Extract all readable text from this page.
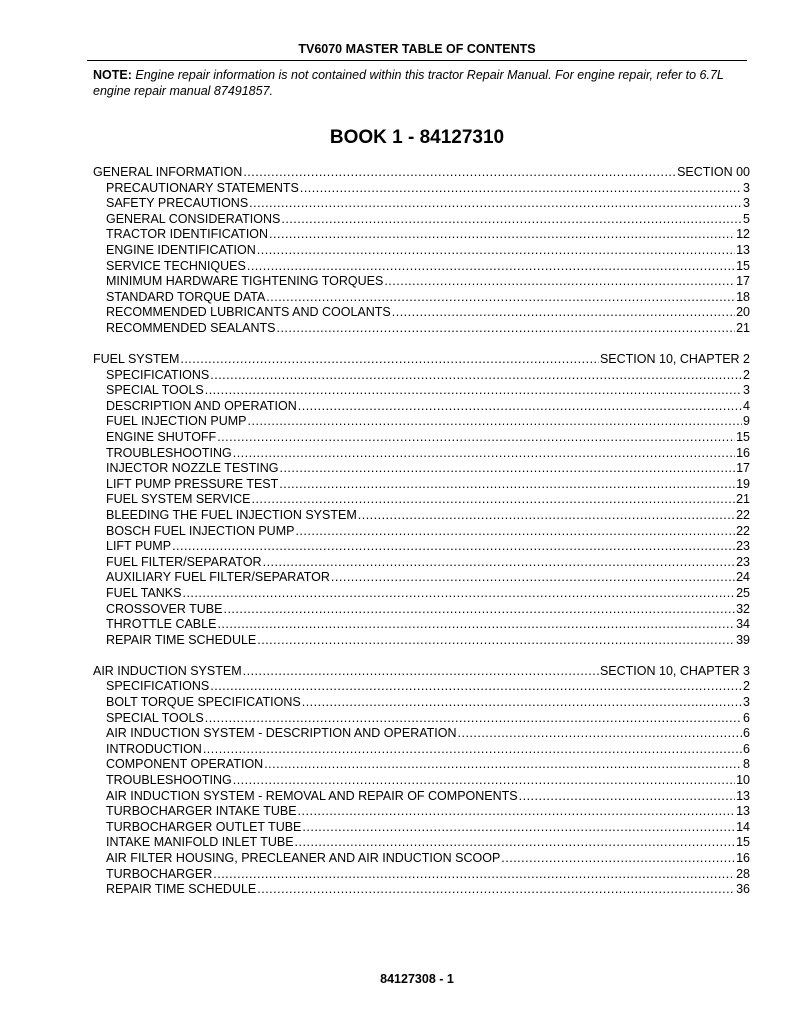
TV6070 MASTER TABLE OF CONTENTS
NOTE: Engine repair information is not contained within this tractor Repair Manual. For engine repair, refer to 6.7L engine repair manual 87491857.
BOOK 1 - 84127310
GENERAL INFORMATION .....	SECTION 00
PRECAUTIONARY STATEMENTS .....	3
SAFETY PRECAUTIONS .....	3
GENERAL CONSIDERATIONS .....	5
TRACTOR IDENTIFICATION .....	12
ENGINE IDENTIFICATION .....	13
SERVICE TECHNIQUES .....	15
MINIMUM HARDWARE TIGHTENING TORQUES .....	17
STANDARD TORQUE DATA .....	18
RECOMMENDED LUBRICANTS AND COOLANTS .....	20
RECOMMENDED SEALANTS .....	21
FUEL SYSTEM .....	SECTION 10, CHAPTER 2
SPECIFICATIONS .....	2
SPECIAL TOOLS .....	3
DESCRIPTION AND OPERATION .....	4
FUEL INJECTION PUMP .....	9
ENGINE SHUTOFF .....	15
TROUBLESHOOTING .....	16
INJECTOR NOZZLE TESTING .....	17
LIFT PUMP PRESSURE TEST .....	19
FUEL SYSTEM SERVICE .....	21
BLEEDING THE FUEL INJECTION SYSTEM .....	22
BOSCH FUEL INJECTION PUMP .....	22
LIFT PUMP .....	23
FUEL FILTER/SEPARATOR .....	23
AUXILIARY FUEL FILTER/SEPARATOR .....	24
FUEL TANKS .....	25
CROSSOVER TUBE .....	32
THROTTLE CABLE .....	34
REPAIR TIME SCHEDULE .....	39
AIR INDUCTION SYSTEM .....	SECTION 10, CHAPTER 3
SPECIFICATIONS .....	2
BOLT TORQUE SPECIFICATIONS .....	3
SPECIAL TOOLS .....	6
AIR INDUCTION SYSTEM - DESCRIPTION AND OPERATION .....	6
INTRODUCTION .....	6
COMPONENT OPERATION .....	8
TROUBLESHOOTING .....	10
AIR INDUCTION SYSTEM - REMOVAL AND REPAIR OF COMPONENTS .....	13
TURBOCHARGER INTAKE TUBE .....	13
TURBOCHARGER OUTLET TUBE .....	14
INTAKE MANIFOLD INLET TUBE .....	15
AIR FILTER HOUSING, PRECLEANER AND AIR INDUCTION SCOOP .....	16
TURBOCHARGER .....	28
REPAIR TIME SCHEDULE .....	36
84127308 - 1
